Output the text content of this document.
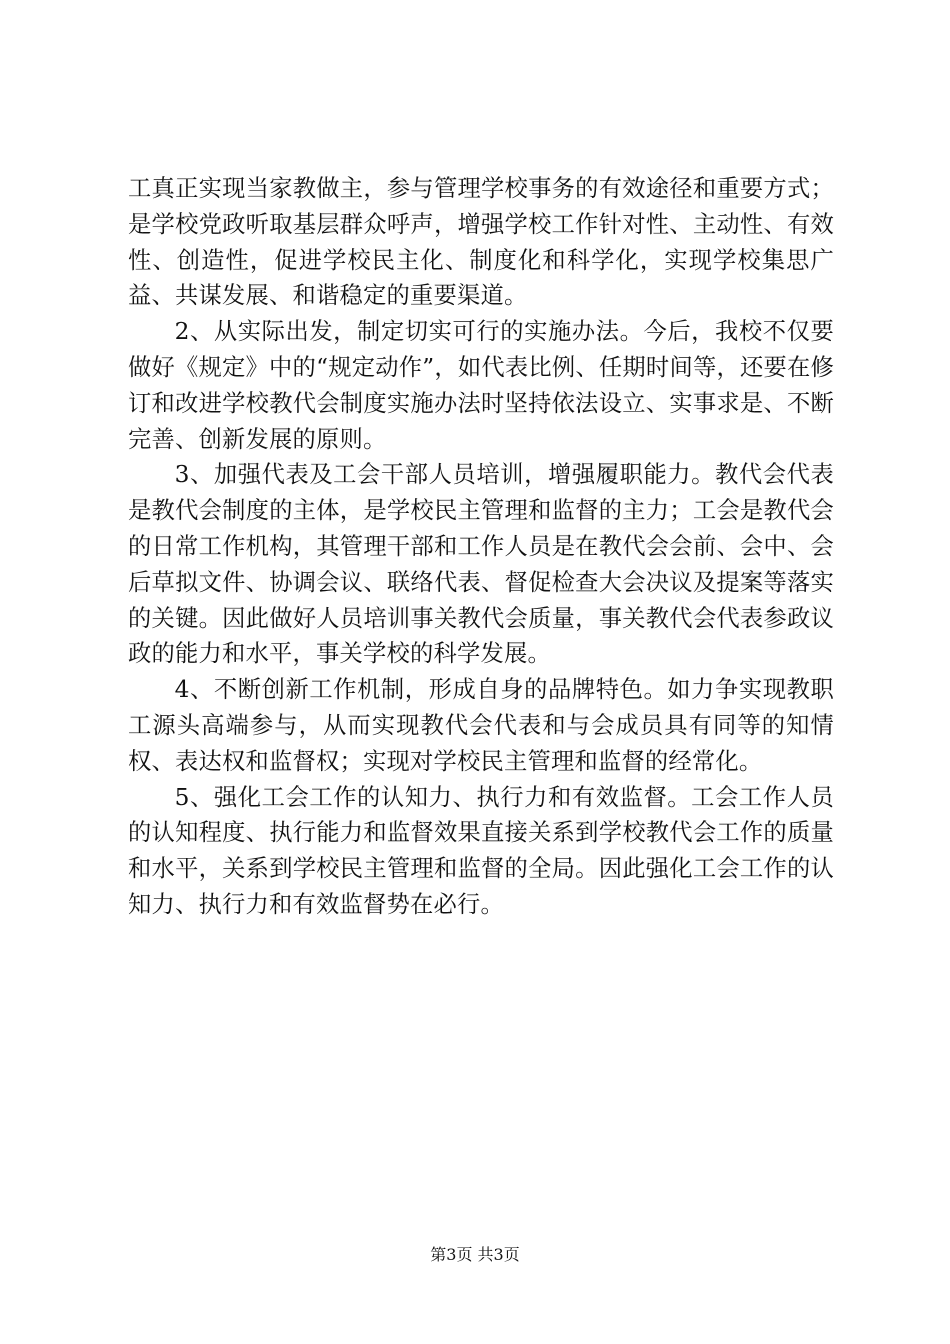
工真正实现当家教做主，参与管理学校事务的有效途径和重要方式；是学校党政听取基层群众呼声，增强学校工作针对性、主动性、有效性、创造性，促进学校民主化、制度化和科学化，实现学校集思广益、共谋发展、和谐稳定的重要渠道。

2、从实际出发，制定切实可行的实施办法。今后，我校不仅要做好《规定》中的“规定动作”，如代表比例、任期时间等，还要在修订和改进学校教代会制度实施办法时坚持依法设立、实事求是、不断完善、创新发展的原则。

3、加强代表及工会干部人员培训，增强履职能力。教代会代表是教代会制度的主体，是学校民主管理和监督的主力；工会是教代会的日常工作机构，其管理干部和工作人员是在教代会会前、会中、会后草拟文件、协调会议、联络代表、督促检查大会决议及提案等落实的关键。因此做好人员培训事关教代会质量，事关教代会代表参政议政的能力和水平，事关学校的科学发展。

4、不断创新工作机制，形成自身的品牌特色。如力争实现教职工源头高端参与，从而实现教代会代表和与会成员具有同等的知情权、表达权和监督权；实现对学校民主管理和监督的经常化。

5、强化工会工作的认知力、执行力和有效监督。工会工作人员的认知程度、执行能力和监督效果直接关系到学校教代会工作的质量和水平，关系到学校民主管理和监督的全局。因此强化工会工作的认知力、执行力和有效监督势在必行。

第3页 共3页
